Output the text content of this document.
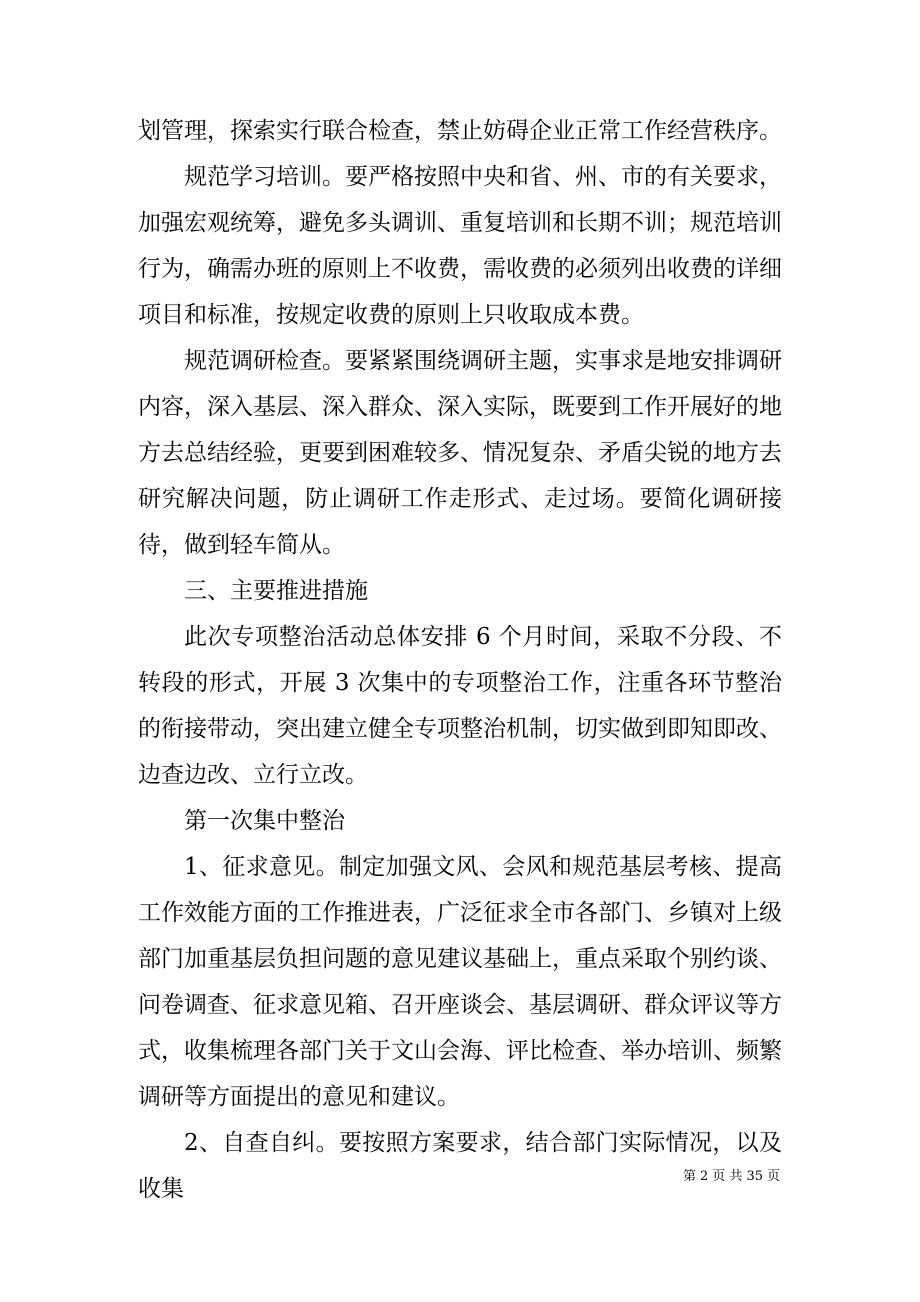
划管理，探索实行联合检查，禁止妨碍企业正常工作经营秩序。

规范学习培训。要严格按照中央和省、州、市的有关要求，加强宏观统筹，避免多头调训、重复培训和长期不训；规范培训行为，确需办班的原则上不收费，需收费的必须列出收费的详细项目和标准，按规定收费的原则上只收取成本费。

规范调研检查。要紧紧围绕调研主题，实事求是地安排调研内容，深入基层、深入群众、深入实际，既要到工作开展好的地方去总结经验，更要到困难较多、情况复杂、矛盾尖锐的地方去研究解决问题，防止调研工作走形式、走过场。要简化调研接待，做到轻车简从。

三、主要推进措施

此次专项整治活动总体安排 6 个月时间，采取不分段、不转段的形式，开展 3 次集中的专项整治工作，注重各环节整治的衔接带动，突出建立健全专项整治机制，切实做到即知即改、边查边改、立行立改。

第一次集中整治

1、征求意见。制定加强文风、会风和规范基层考核、提高工作效能方面的工作推进表，广泛征求全市各部门、乡镇对上级部门加重基层负担问题的意见建议基础上，重点采取个别约谈、问卷调查、征求意见箱、召开座谈会、基层调研、群众评议等方式，收集梳理各部门关于文山会海、评比检查、举办培训、频繁调研等方面提出的意见和建议。

2、自查自纠。要按照方案要求，结合部门实际情况，以及收集	第 2 页 共 35 页
